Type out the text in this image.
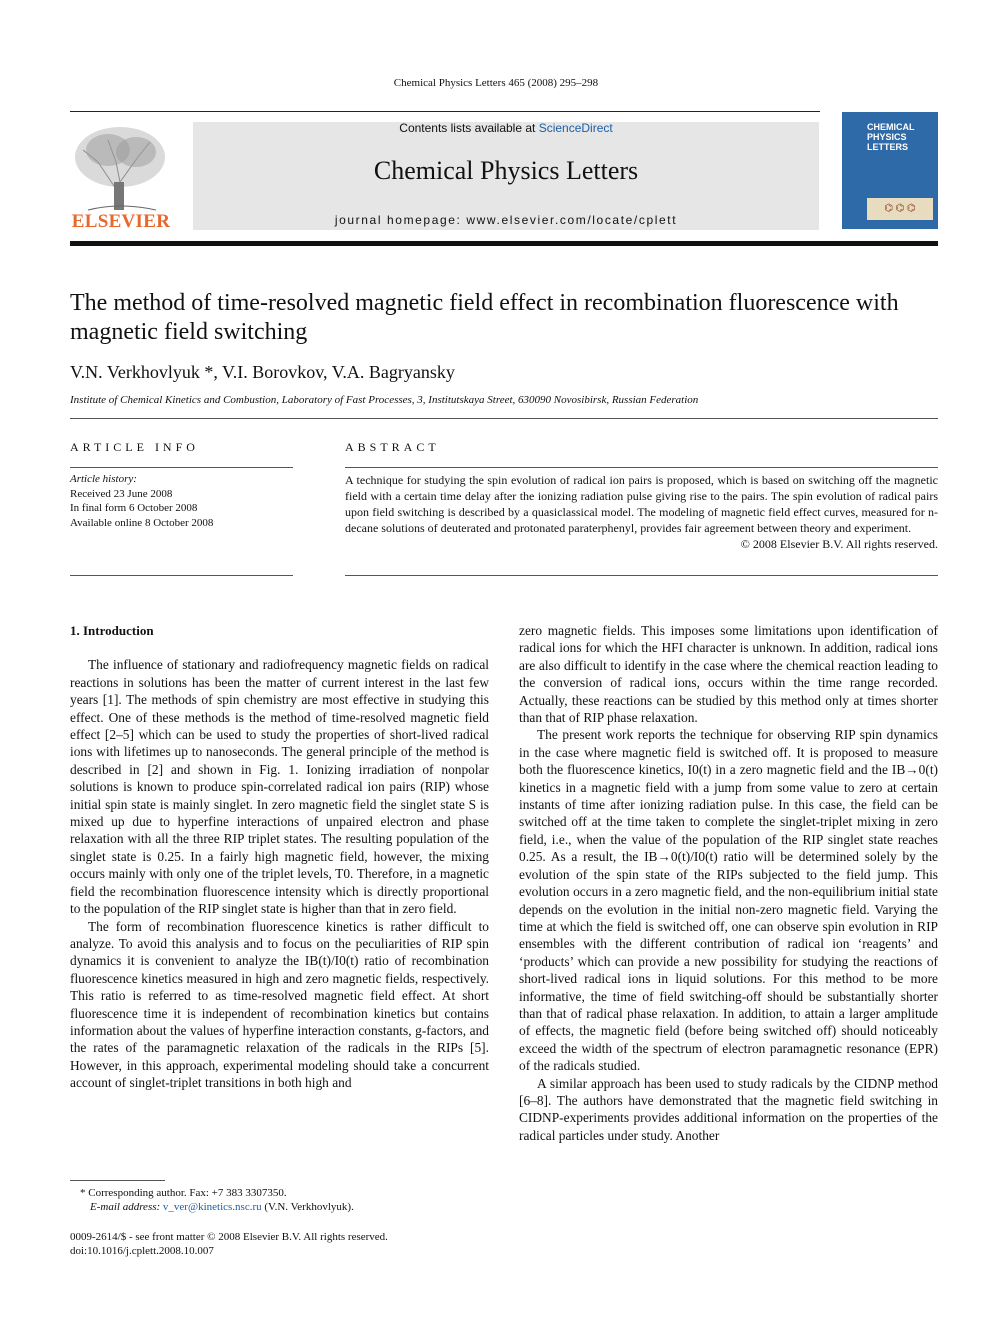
Chemical Physics Letters 465 (2008) 295–298
ELSEVIER
Contents lists available at ScienceDirect
Chemical Physics Letters
journal homepage: www.elsevier.com/locate/cplett
CHEMICAL PHYSICS LETTERS
⌬ ⌬ ⌬
The method of time-resolved magnetic field effect in recombination fluorescence with magnetic field switching
V.N. Verkhovlyuk *, V.I. Borovkov, V.A. Bagryansky
Institute of Chemical Kinetics and Combustion, Laboratory of Fast Processes, 3, Institutskaya Street, 630090 Novosibirsk, Russian Federation
ARTICLE INFO
Article history:
Received 23 June 2008
In final form 6 October 2008
Available online 8 October 2008
ABSTRACT
A technique for studying the spin evolution of radical ion pairs is proposed, which is based on switching off the magnetic field with a certain time delay after the ionizing radiation pulse giving rise to the pairs. The spin evolution of radical pairs upon field switching is described by a quasiclassical model. The modeling of magnetic field effect curves, measured for n-decane solutions of deuterated and protonated paraterphenyl, provides fair agreement between theory and experiment.
© 2008 Elsevier B.V. All rights reserved.
1. Introduction

The influence of stationary and radiofrequency magnetic fields on radical reactions in solutions has been the matter of current interest in the last few years [1]. The methods of spin chemistry are most effective in studying this effect. One of these methods is the method of time-resolved magnetic field effect [2–5] which can be used to study the properties of short-lived radical ions with lifetimes up to nanoseconds. The general principle of the method is described in [2] and shown in Fig. 1. Ionizing irradiation of nonpolar solutions is known to produce spin-correlated radical ion pairs (RIP) whose initial spin state is mainly singlet. In zero magnetic field the singlet state S is mixed up due to hyperfine interactions of unpaired electron and phase relaxation with all the three RIP triplet states. The resulting population of the singlet state is 0.25. In a fairly high magnetic field, however, the mixing occurs mainly with only one of the triplet levels, T0. Therefore, in a magnetic field the recombination fluorescence intensity which is directly proportional to the population of the RIP singlet state is higher than that in zero field.

The form of recombination fluorescence kinetics is rather difficult to analyze. To avoid this analysis and to focus on the peculiarities of RIP spin dynamics it is convenient to analyze the IB(t)/I0(t) ratio of recombination fluorescence kinetics measured in high and zero magnetic fields, respectively. This ratio is referred to as time-resolved magnetic field effect. At short fluorescence time it is independent of recombination kinetics but contains information about the values of hyperfine interaction constants, g-factors, and the rates of the paramagnetic relaxation of the radicals in the RIPs [5]. However, in this approach, experimental modeling should take a concurrent account of singlet-triplet transitions in both high and

zero magnetic fields. This imposes some limitations upon identification of radical ions for which the HFI character is unknown. In addition, radical ions are also difficult to identify in the case where the chemical reaction leading to the conversion of radical ions, occurs within the time range recorded. Actually, these reactions can be studied by this method only at times shorter than that of RIP phase relaxation.

The present work reports the technique for observing RIP spin dynamics in the case where magnetic field is switched off. It is proposed to measure both the fluorescence kinetics, I0(t) in a zero magnetic field and the IB→0(t) kinetics in a magnetic field with a jump from some value to zero at certain instants of time after ionizing radiation pulse. In this case, the field can be switched off at the time taken to complete the singlet-triplet mixing in zero field, i.e., when the value of the population of the RIP singlet state reaches 0.25. As a result, the IB→0(t)/I0(t) ratio will be determined solely by the evolution of the spin state of the RIPs subjected to the field jump. This evolution occurs in a zero magnetic field, and the non-equilibrium initial state depends on the evolution in the initial non-zero magnetic field. Varying the time at which the field is switched off, one can observe spin evolution in RIP ensembles with the different contribution of radical ion ‘reagents’ and ‘products’ which can provide a new possibility for studying the reactions of short-lived radical ions in liquid solutions. For this method to be more informative, the time of field switching-off should be substantially shorter than that of radical phase relaxation. In addition, to attain a larger amplitude of effects, the magnetic field (before being switched off) should noticeably exceed the width of the spectrum of electron paramagnetic resonance (EPR) of the radicals studied.

A similar approach has been used to study radicals by the CIDNP method [6–8]. The authors have demonstrated that the magnetic field switching in CIDNP-experiments provides additional information on the properties of the radical particles under study. Another

* Corresponding author. Fax: +7 383 3307350.
E-mail address: v_ver@kinetics.nsc.ru (V.N. Verkhovlyuk).
0009-2614/$ - see front matter © 2008 Elsevier B.V. All rights reserved.
doi:10.1016/j.cplett.2008.10.007
